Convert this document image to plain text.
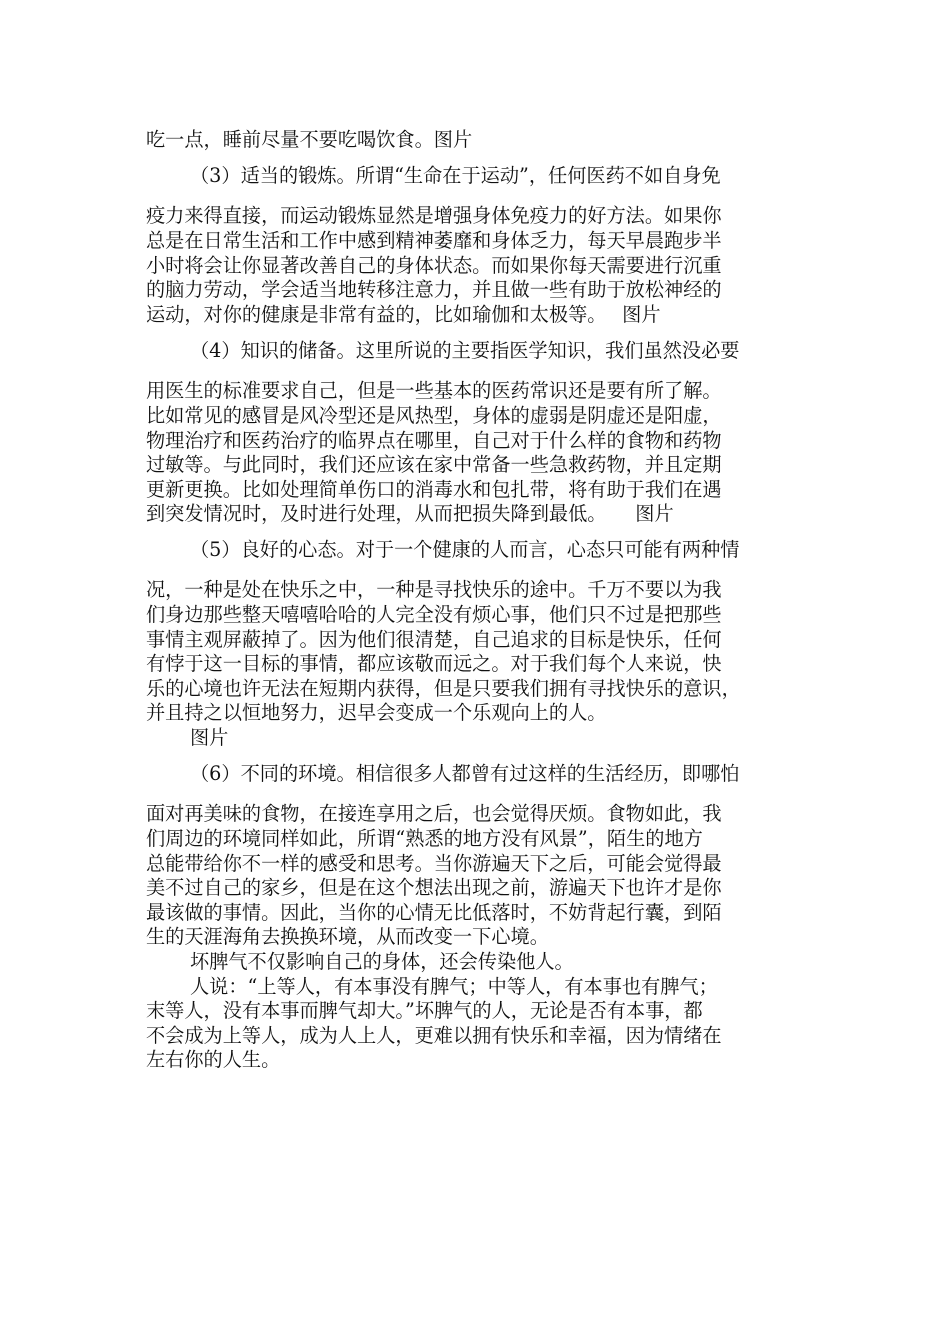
吃一点，睡前尽量不要吃喝饮食。图片
（3）适当的锻炼。所谓“生命在于运动”，任何医药不如自身免
疫力来得直接，而运动锻炼显然是增强身体免疫力的好方法。如果你
总是在日常生活和工作中感到精神萎靡和身体乏力，每天早晨跑步半
小时将会让你显著改善自己的身体状态。而如果你每天需要进行沉重
的脑力劳动，学会适当地转移注意力，并且做一些有助于放松神经的
运动，对你的健康是非常有益的，比如瑜伽和太极等。　 图片
（4）知识的储备。这里所说的主要指医学知识，我们虽然没必要
用医生的标准要求自己，但是一些基本的医药常识还是要有所了解。
比如常见的感冒是风冷型还是风热型，身体的虚弱是阴虚还是阳虚，
物理治疗和医药治疗的临界点在哪里，自己对于什么样的食物和药物
过敏等。与此同时，我们还应该在家中常备一些急救药物，并且定期
更新更换。比如处理简单伤口的消毒水和包扎带，将有助于我们在遇
到突发情况时，及时进行处理，从而把损失降到最低。　　图片
（5）良好的心态。对于一个健康的人而言，心态只可能有两种情
况，一种是处在快乐之中，一种是寻找快乐的途中。千万不要以为我
们身边那些整天嘻嘻哈哈的人完全没有烦心事，他们只不过是把那些
事情主观屏蔽掉了。因为他们很清楚，自己追求的目标是快乐，任何
有悖于这一目标的事情，都应该敬而远之。对于我们每个人来说，快
乐的心境也许无法在短期内获得，但是只要我们拥有寻找快乐的意识，
并且持之以恒地努力，迟早会变成一个乐观向上的人。
图片
（6）不同的环境。相信很多人都曾有过这样的生活经历，即哪怕
面对再美味的食物，在接连享用之后，也会觉得厌烦。食物如此，我
们周边的环境同样如此，所谓“熟悉的地方没有风景”，陌生的地方
总能带给你不一样的感受和思考。当你游遍天下之后，可能会觉得最
美不过自己的家乡，但是在这个想法出现之前，游遍天下也许才是你
最该做的事情。因此，当你的心情无比低落时，不妨背起行囊，到陌
生的天涯海角去换换环境，从而改变一下心境。
坏脾气不仅影响自己的身体，还会传染他人。
人说：“上等人，有本事没有脾气；中等人，有本事也有脾气；
末等人，没有本事而脾气却大。”坏脾气的人，无论是否有本事，都
不会成为上等人，成为人上人，更难以拥有快乐和幸福，因为情绪在
左右你的人生。
